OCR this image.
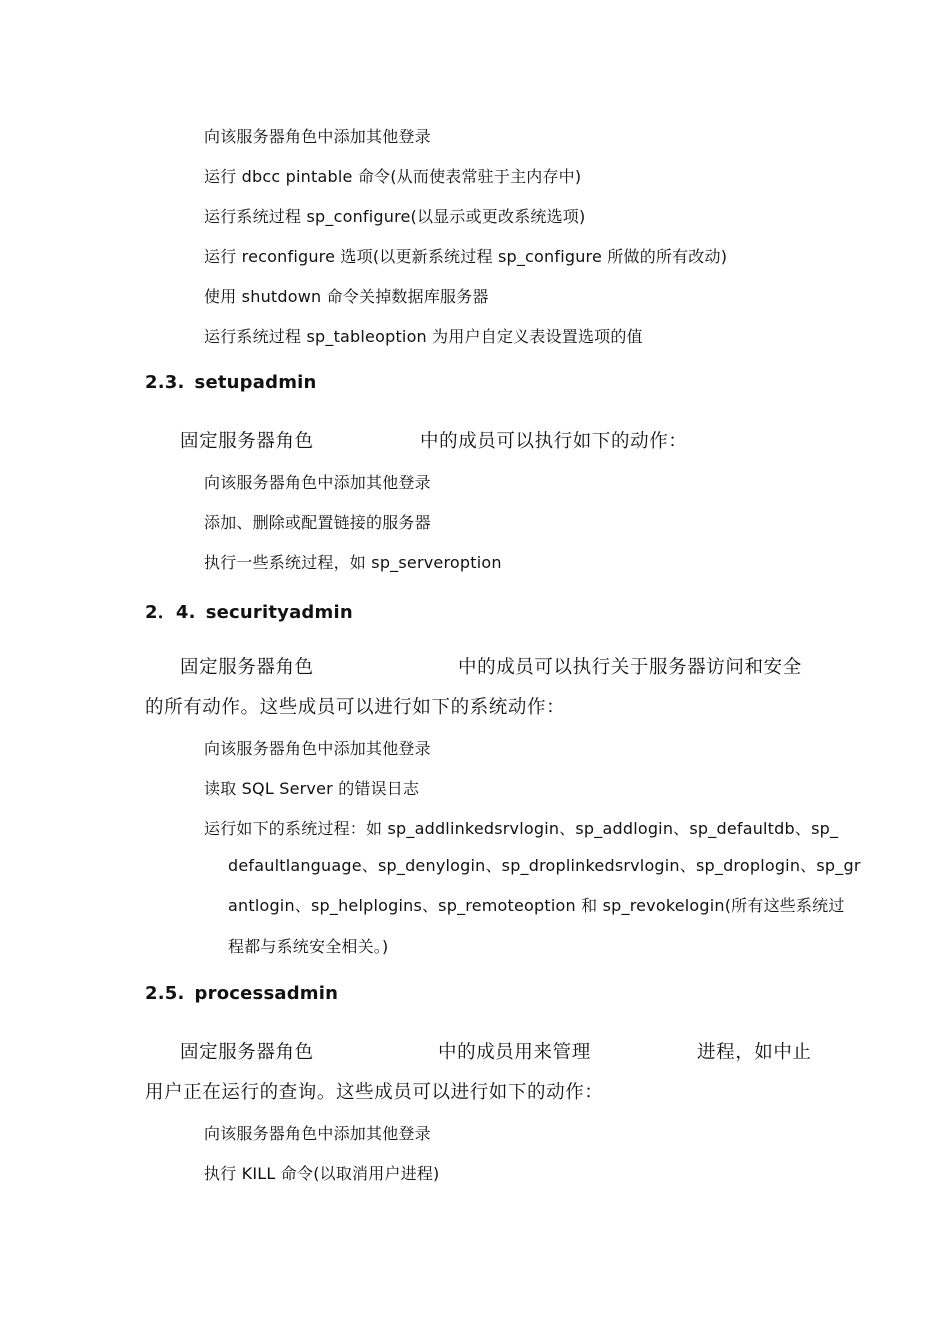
向该服务器角色中添加其他登录
运行 dbcc pintable 命令(从而使表常驻于主内存中)
运行系统过程 sp_configure(以显示或更改系统选项)
运行 reconfigure 选项(以更新系统过程 sp_configure 所做的所有改动)
使用 shutdown 命令关掉数据库服务器
运行系统过程 sp_tableoption 为用户自定义表设置选项的值
2.3. setupadmin
固定服务器角色	中的成员可以执行如下的动作：
向该服务器角色中添加其他登录
添加、删除或配置链接的服务器
执行一些系统过程，如 sp_serveroption
2．4. securityadmin
固定服务器角色	中的成员可以执行关于服务器访问和安全
的所有动作。这些成员可以进行如下的系统动作：
向该服务器角色中添加其他登录
读取 SQL Server 的错误日志
运行如下的系统过程：如 sp_addlinkedsrvlogin、sp_addlogin、sp_defaultdb、sp_
defaultlanguage、sp_denylogin、sp_droplinkedsrvlogin、sp_droplogin、sp_gr
antlogin、sp_helplogins、sp_remoteoption 和 sp_revokelogin(所有这些系统过
程都与系统安全相关。)
2.5. processadmin
固定服务器角色	中的成员用来管理	进程，如中止
用户正在运行的查询。这些成员可以进行如下的动作：
向该服务器角色中添加其他登录
执行 KILL 命令(以取消用户进程)
